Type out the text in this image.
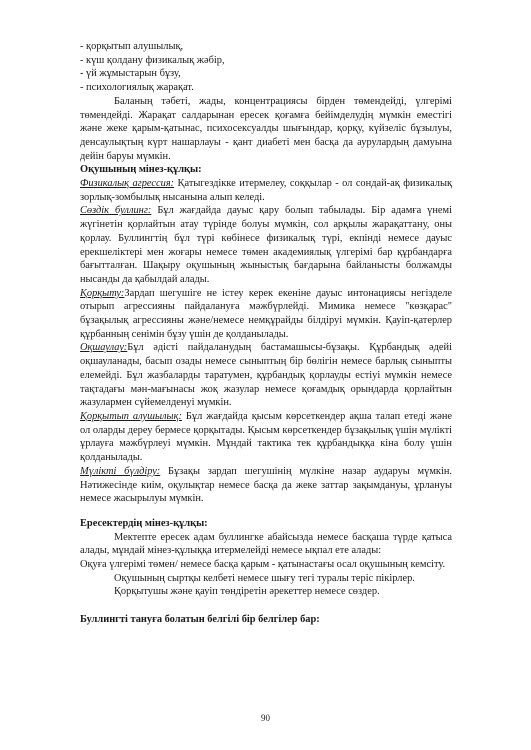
- қорқытып алушылық,

- күш қолдану физикалық жәбір,

- үй жұмыстарын бұзу,

- психологиялық жарақат.

Баланың тәбеті, жады, концентрациясы бірден төмендейді, үлгерімі төмендейді. Жарақат салдарынан ересек қоғамға бейімделудің мүмкін еместігі және жеке қарым-қатынас, психосексуалды шығындар, қорқу, күйзеліс бұзылуы, денсаулықтың күрт нашарлауы - қант диабеті мен басқа да аурулардың дамуына дейін баруы мүмкін.

Оқушының мінез-құлқы:

Физикалық агрессия: Қатыгездікке итермелеу, соққылар - ол сондай-ақ физикалық зорлық-зомбылық нысанына алып келеді.

Сөздік буллинг: Бұл жағдайда дауыс қару болып табылады. Бір адамға үнемі жүгінетін қорлайтын атау түрінде болуы мүмкін, сол арқылы жарақаттану, оны қорлау. Буллингтің бұл түрі көбінесе физикалық түрі, екпінді немесе дауыс ерекшеліктері мен жоғары немесе төмен академиялық үлгерімі бар құрбандарға бағытталған. Шақыру оқушының жыныстық бағдарына байланысты болжамды нысанды да қабылдай алады.

Қорқыту:Зардап шегушіге не істеу керек екеніне дауыс интонациясы негізделе отырып агрессияны пайдалануға мәжбүрлейді. Мимика немесе "көзқарас" бұзақылық агрессияны және/немесе немқұрайды білдіруі мүмкін. Қауіп-қатерлер құрбанның сенімін бұзу үшін де қолданылады.

Оқшаулау:Бұл әдісті пайдаланудың бастамашысы-бұзақы. Құрбандық әдейі оқшауланады, басып озады немесе сыныптың бір бөлігін немесе барлық сыныпты елемейді. Бұл жазбаларды таратумен, құрбандық қорлауды естіуі мүмкін немесе тақтадағы мән-мағынасы жоқ жазулар немесе қоғамдық орындарда қорлайтын жазулармен сүйемелденуі мүмкін.

Қорқытып алушылық: Бұл жағдайда қысым көрсеткендер ақша талап етеді және ол оларды дереу бермесе қорқытады. Қысым көрсеткендер бұзақылық үшін мүлікті ұрлауға мәжбүрлеуі мүмкін. Мұндай тактика тек құрбандыққа кіна болу үшін қолданылады.

Мүлікті бүлдіру: Бұзақы зардап шегушінің мүлкіне назар аударуы мүмкін. Нәтижесінде киім, оқулықтар немесе басқа да жеке заттар зақымдануы, ұрлануы немесе жасырылуы мүмкін.

Ересектердің мінез-құлқы:

Мектепте ересек адам буллингке абайсызда немесе басқаша түрде қатыса алады, мұндай мінез-құлыққа итермелейді немесе ықпал ете алады:

Оқуға үлгерімі төмен/ немесе басқа қарым - қатынастағы осал оқушының кемсіту.

Оқушының сыртқы келбеті немесе шығу тегі туралы теріс пікірлер.

Қорқытушы және қауіп төндіретін әрекеттер немесе сөздер.

Буллингті тануға болатын белгілі бір белгілер бар:

90
